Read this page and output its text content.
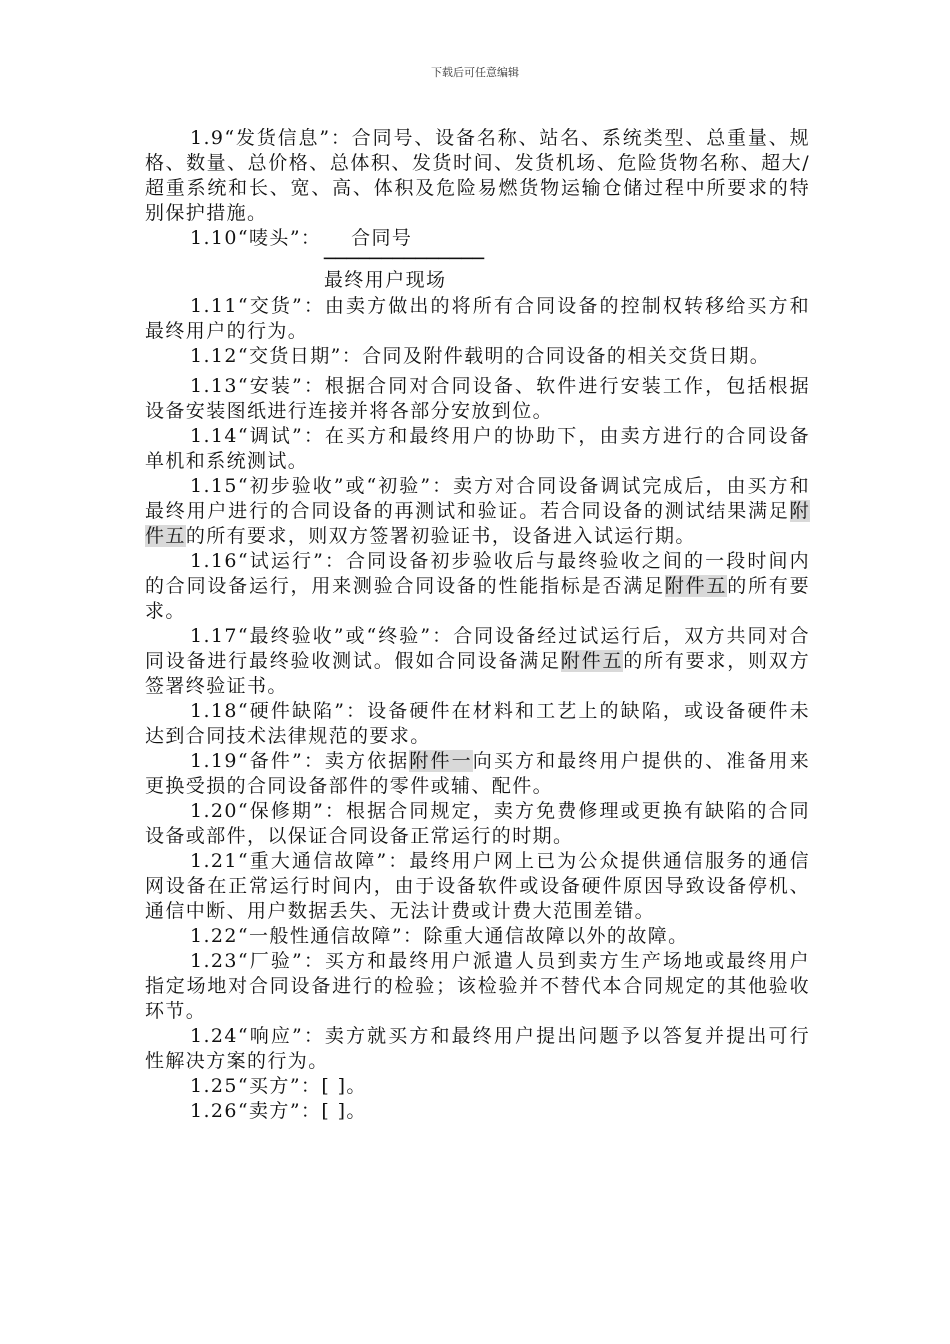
下载后可任意编辑

1.9“发货信息”：合同号、设备名称、站名、系统类型、总重量、规格、数量、总价格、总体积、发货时间、发货机场、危险货物名称、超大/超重系统和长、宽、高、体积及危险易燃货物运输仓储过程中所要求的特别保护措施。

1.10“唛头”： 合同号
──────────────
最终用户现场

1.11“交货”：由卖方做出的将所有合同设备的控制权转移给买方和最终用户的行为。

1.12“交货日期”：合同及附件载明的合同设备的相关交货日期。

1.13“安装”：根据合同对合同设备、软件进行安装工作，包括根据设备安装图纸进行连接并将各部分安放到位。

1.14“调试”：在买方和最终用户的协助下，由卖方进行的合同设备单机和系统测试。

1.15“初步验收”或“初验”：卖方对合同设备调试完成后，由买方和最终用户进行的合同设备的再测试和验证。若合同设备的测试结果满足附件五的所有要求，则双方签署初验证书，设备进入试运行期。

1.16“试运行”：合同设备初步验收后与最终验收之间的一段时间内的合同设备运行，用来测验合同设备的性能指标是否满足附件五的所有要求。

1.17“最终验收”或“终验”：合同设备经过试运行后，双方共同对合同设备进行最终验收测试。假如合同设备满足附件五的所有要求，则双方签署终验证书。

1.18“硬件缺陷”：设备硬件在材料和工艺上的缺陷，或设备硬件未达到合同技术法律规范的要求。

1.19“备件”：卖方依据附件一向买方和最终用户提供的、准备用来更换受损的合同设备部件的零件或辅、配件。

1.20“保修期”：根据合同规定，卖方免费修理或更换有缺陷的合同设备或部件，以保证合同设备正常运行的时期。

1.21“重大通信故障”：最终用户网上已为公众提供通信服务的通信网设备在正常运行时间内，由于设备软件或设备硬件原因导致设备停机、通信中断、用户数据丢失、无法计费或计费大范围差错。

1.22“一般性通信故障”：除重大通信故障以外的故障。

1.23“厂验”：买方和最终用户派遣人员到卖方生产场地或最终用户指定场地对合同设备进行的检验；该检验并不替代本合同规定的其他验收环节。

1.24“响应”：卖方就买方和最终用户提出问题予以答复并提出可行性解决方案的行为。

1.25“买方”：[ ]。

1.26“卖方”：[ ]。
